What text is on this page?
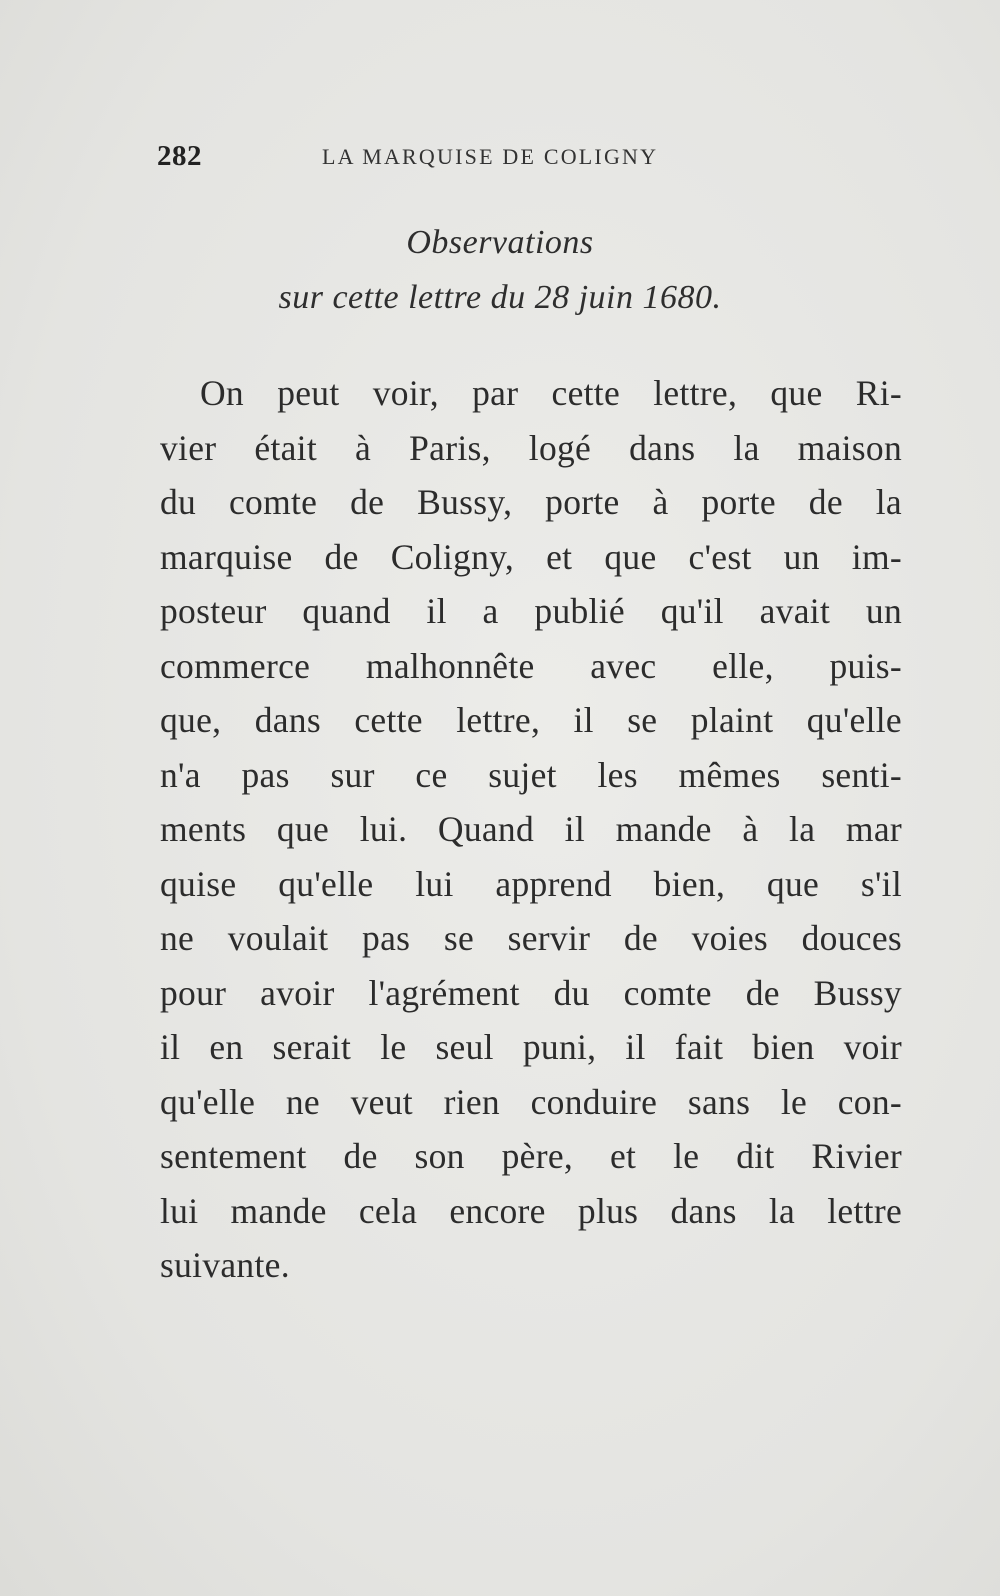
282	LA MARQUISE DE COLIGNY
Observations
sur cette lettre du 28 juin 1680.
On peut voir, par cette lettre, que Ri-
vier était à Paris, logé dans la maison
du comte de Bussy, porte à porte de la
marquise de Coligny, et que c'est un im-
posteur quand il a publié qu'il avait un
commerce malhonnête avec elle, puis-
que, dans cette lettre, il se plaint qu'elle
n'a pas sur ce sujet les mêmes senti-
ments que lui. Quand il mande à la mar
quise qu'elle lui apprend bien, que s'il
ne voulait pas se servir de voies douces
pour avoir l'agrément du comte de Bussy
il en serait le seul puni, il fait bien voir
qu'elle ne veut rien conduire sans le con-
sentement de son père, et le dit Rivier
lui mande cela encore plus dans la lettre
suivante.
